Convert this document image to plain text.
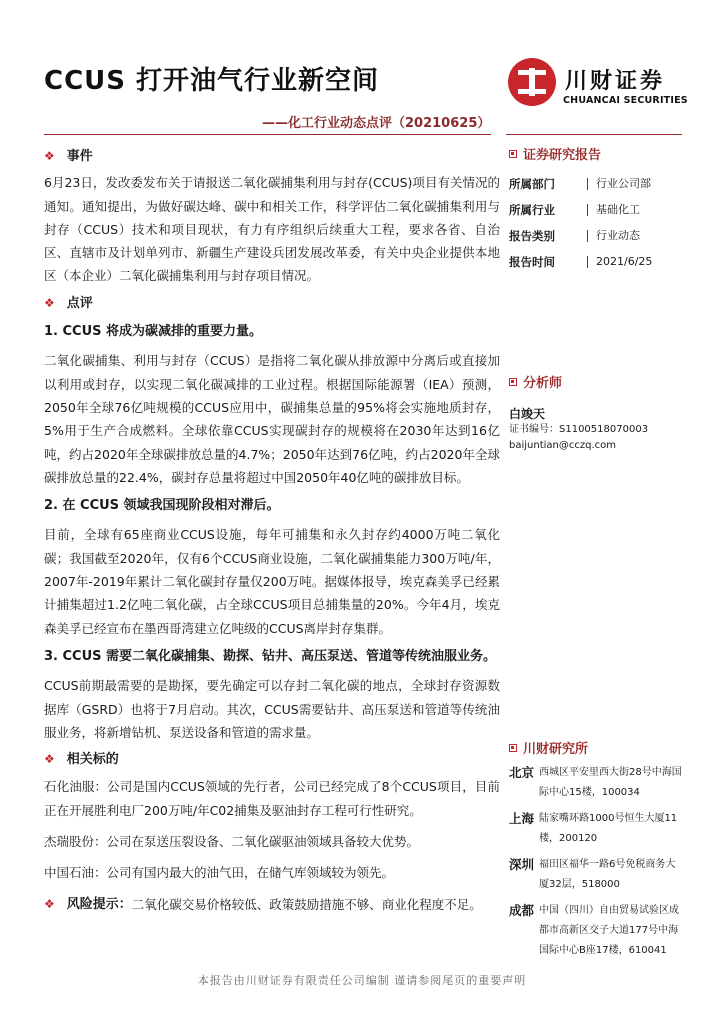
CCUS 打开油气行业新空间
——化工行业动态点评（20210625）
川财证券
CHUANCAI SECURITIES
❖ 事件

6月23日，发改委发布关于请报送二氧化碳捕集利用与封存(CCUS)项目有关情况的通知。通知提出，为做好碳达峰、碳中和相关工作，科学评估二氧化碳捕集利用与封存（CCUS）技术和项目现状，有力有序组织后续重大工程，要求各省、自治区、直辖市及计划单列市、新疆生产建设兵团发展改革委，有关中央企业提供本地区（本企业）二氧化碳捕集利用与封存项目情况。

❖ 点评
1. CCUS 将成为碳减排的重要力量。

二氧化碳捕集、利用与封存（CCUS）是指将二氧化碳从排放源中分离后或直接加以利用或封存，以实现二氧化碳减排的工业过程。根据国际能源署（IEA）预测，2050年全球76亿吨规模的CCUS应用中，碳捕集总量的95%将会实施地质封存，5%用于生产合成燃料。全球依靠CCUS实现碳封存的规模将在2030年达到16亿吨，约占2020年全球碳排放总量的4.7%；2050年达到76亿吨，约占2020年全球碳排放总量的22.4%，碳封存总量将超过中国2050年40亿吨的碳排放目标。

2. 在 CCUS 领域我国现阶段相对滞后。

目前，全球有65座商业CCUS设施，每年可捕集和永久封存约4000万吨二氧化碳；我国截至2020年，仅有6个CCUS商业设施，二氧化碳捕集能力300万吨/年，2007年-2019年累计二氧化碳封存量仅200万吨。据媒体报导，埃克森美孚已经累计捕集超过1.2亿吨二氧化碳，占全球CCUS项目总捕集量的20%。今年4月，埃克森美孚已经宣布在墨西哥湾建立亿吨级的CCUS离岸封存集群。

3. CCUS 需要二氧化碳捕集、勘探、钻井、高压泵送、管道等传统油服业务。

CCUS前期最需要的是勘探，要先确定可以存封二氧化碳的地点，全球封存资源数据库（GSRD）也将于7月启动。其次，CCUS需要钻井、高压泵送和管道等传统油服业务，将新增钻机、泵送设备和管道的需求量。

❖ 相关标的

石化油服：公司是国内CCUS领域的先行者，公司已经完成了8个CCUS项目，目前正在开展胜利电厂200万吨/年C02捕集及驱油封存工程可行性研究。

杰瑞股份：公司在泵送压裂设备、二氧化碳驱油领域具备较大优势。

中国石油：公司有国内最大的油气田，在储气库领域较为领先。

❖ 风险提示： 二氧化碳交易价格较低、政策鼓励措施不够、商业化程度不足。
证券研究报告
所属部门	行业公司部
所属行业	基础化工
报告类别	行业动态
报告时间	2021/6/25
分析师
白竣天
证书编号：S1100518070003
baijuntian@cczq.com
川财研究所
北京 西城区平安里西大街28号中海国际中心15楼，100034
上海 陆家嘴环路1000号恒生大厦11楼，200120
深圳 福田区福华一路6号免税商务大厦32层，518000
成都 中国（四川）自由贸易试验区成都市高新区交子大道177号中海国际中心B座17楼，610041
本报告由川财证券有限责任公司编制 谨请参阅尾页的重要声明
